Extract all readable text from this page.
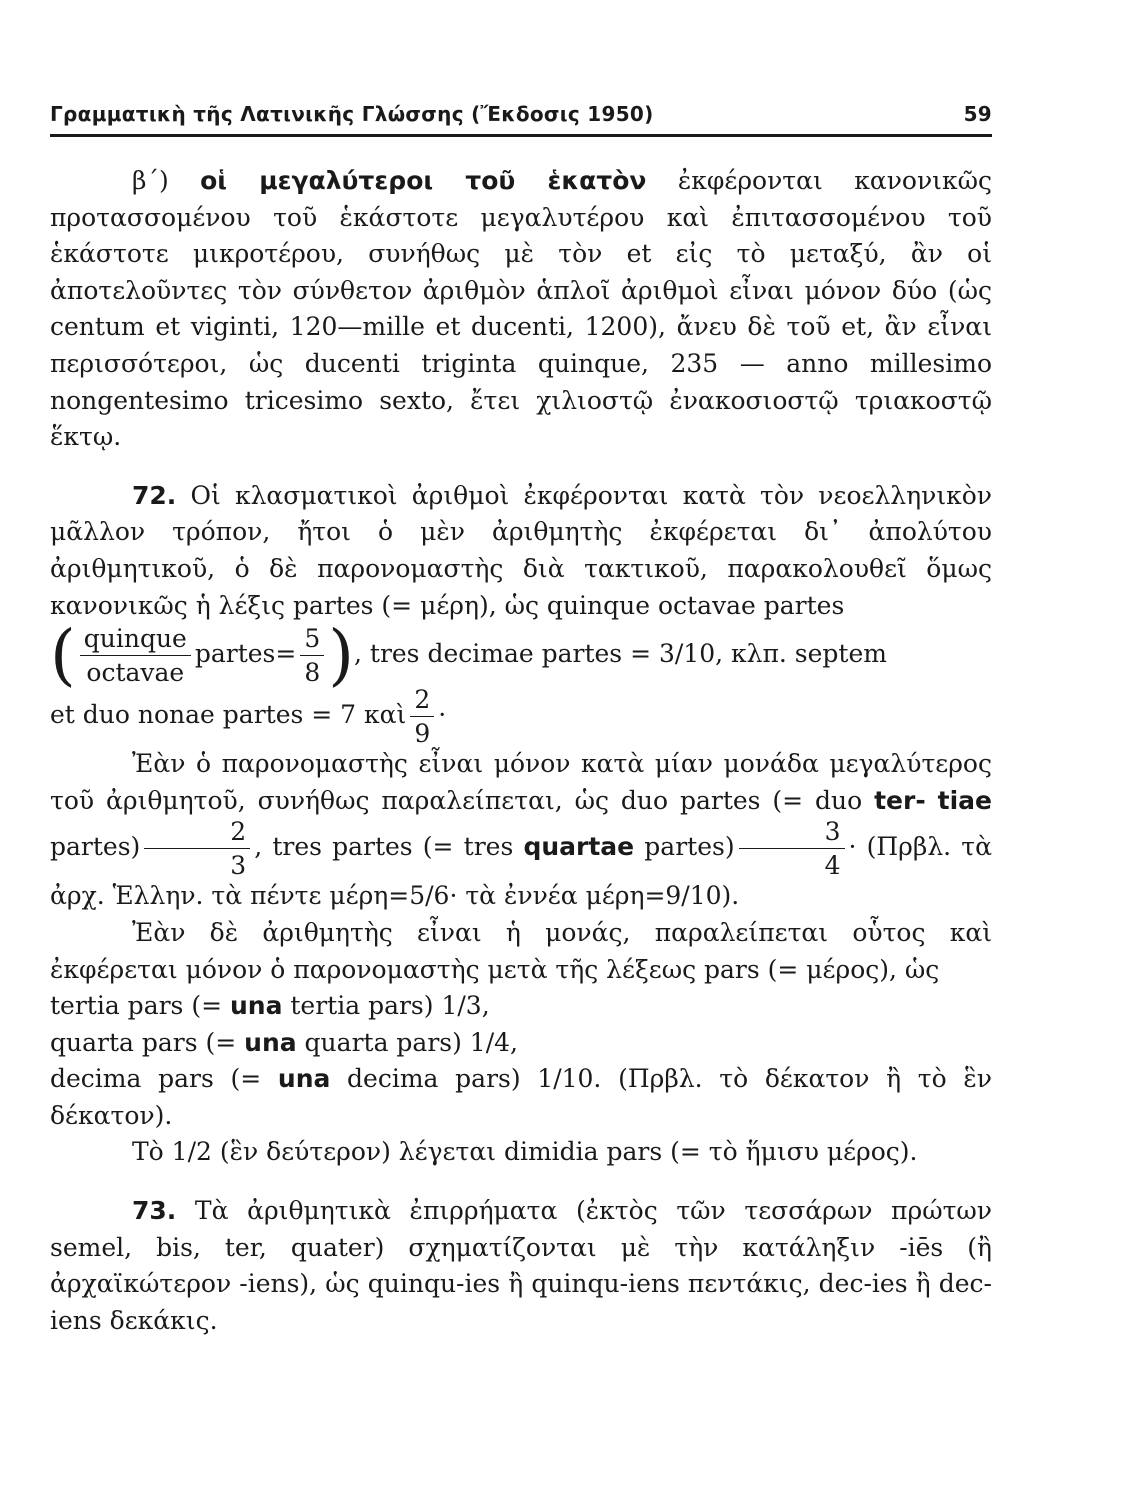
Γραμματικὴ τῆς Λατινικῆς Γλώσσης (Ἔκδοσις 1950)	59

β΄) οἱ μεγαλύτεροι τοῦ ἑκατὸν ἐκφέρονται κανονικῶς προτασσομένου τοῦ ἑκάστοτε μεγαλυτέρου καὶ ἐπιτασσομένου τοῦ ἑκάστοτε μικροτέρου, συνήθως μὲ τὸν et εἰς τὸ μεταξύ, ἂν οἱ ἀποτελοῦντες τὸν σύνθετον ἀριθμὸν ἁπλοῖ ἀριθμοὶ εἶναι μόνον δύο (ὡς centum et viginti, 120—mille et ducenti, 1200), ἄνευ δὲ τοῦ et, ἂν εἶναι περισσότεροι, ὡς ducenti triginta quinque, 235 — anno millesimo nongentesimo tricesimo sexto, ἔτει χιλιοστῷ ἐνακοσιοστῷ τριακοστῷ ἕκτῳ.

72. Οἱ κλασματικοὶ ἀριθμοὶ ἐκφέρονται κατὰ τὸν νεοελληνικὸν μᾶλλον τρόπον, ἤτοι ὁ μὲν ἀριθμητὴς ἐκφέρεται δι᾽ ἀπολύτου ἀριθμητικοῦ, ὁ δὲ παρονομαστὴς διὰ τακτικοῦ, παρακολουθεῖ ὅμως κανονικῶς ἡ λέξις partes (= μέρη), ὡς quinque octavae partes

( $\frac{\text{quinque}}{\text{octavae}}$ partes= $\frac{5}{8}$ ), tres decimae partes = 3/10, κλπ. septem

et duo nonae partes = 7 καὶ $\frac{2}{9}$ ·

Ἐὰν ὁ παρονομαστὴς εἶναι μόνον κατὰ μίαν μονάδα μεγαλύτερος τοῦ ἀριθμητοῦ, συνήθως παραλείπεται, ὡς duo partes (= duo ter- tiae partes) $\frac{2}{3}$ , tres partes (= tres quartae partes) $\frac{3}{4} \cdot (\Pi\rho\beta\lambda$. τὰ ἀρχ. Ἑλλην. τὰ πέντε μέρη=5/6· τὰ ἐννέα μέρη=9/10).

Ἐὰν δὲ ἀριθμητὴς εἶναι ἡ μονάς, παραλείπεται οὗτος καὶ ἐκφέρεται μόνον ὁ παρονομαστὴς μετὰ τῆς λέξεως pars (= μέρος), ὡς

tertia pars (= una tertia pars) 1/3,

quarta pars (= una quarta pars) 1/4,

decima pars (= una decima pars) 1/10. (Πρβλ. τὸ δέκατον ἢ τὸ ἓν δέκατον).

Τὸ 1/2 (ἓν δεύτερον) λέγεται dimidia pars (= τὸ ἥμισυ μέρος).

73. Τὰ ἀριθμητικὰ ἐπιρρήματα (ἐκτὸς τῶν τεσσάρων πρώτων semel, bis, ter, quater) σχηματίζονται μὲ τὴν κατάληξιν -iēs (ἢ ἀρχαϊκώτερον -iens), ὡς quinqu-ies ἢ quinqu-iens πεντάκις, dec-ies ἢ dec-iens δεκάκις.
